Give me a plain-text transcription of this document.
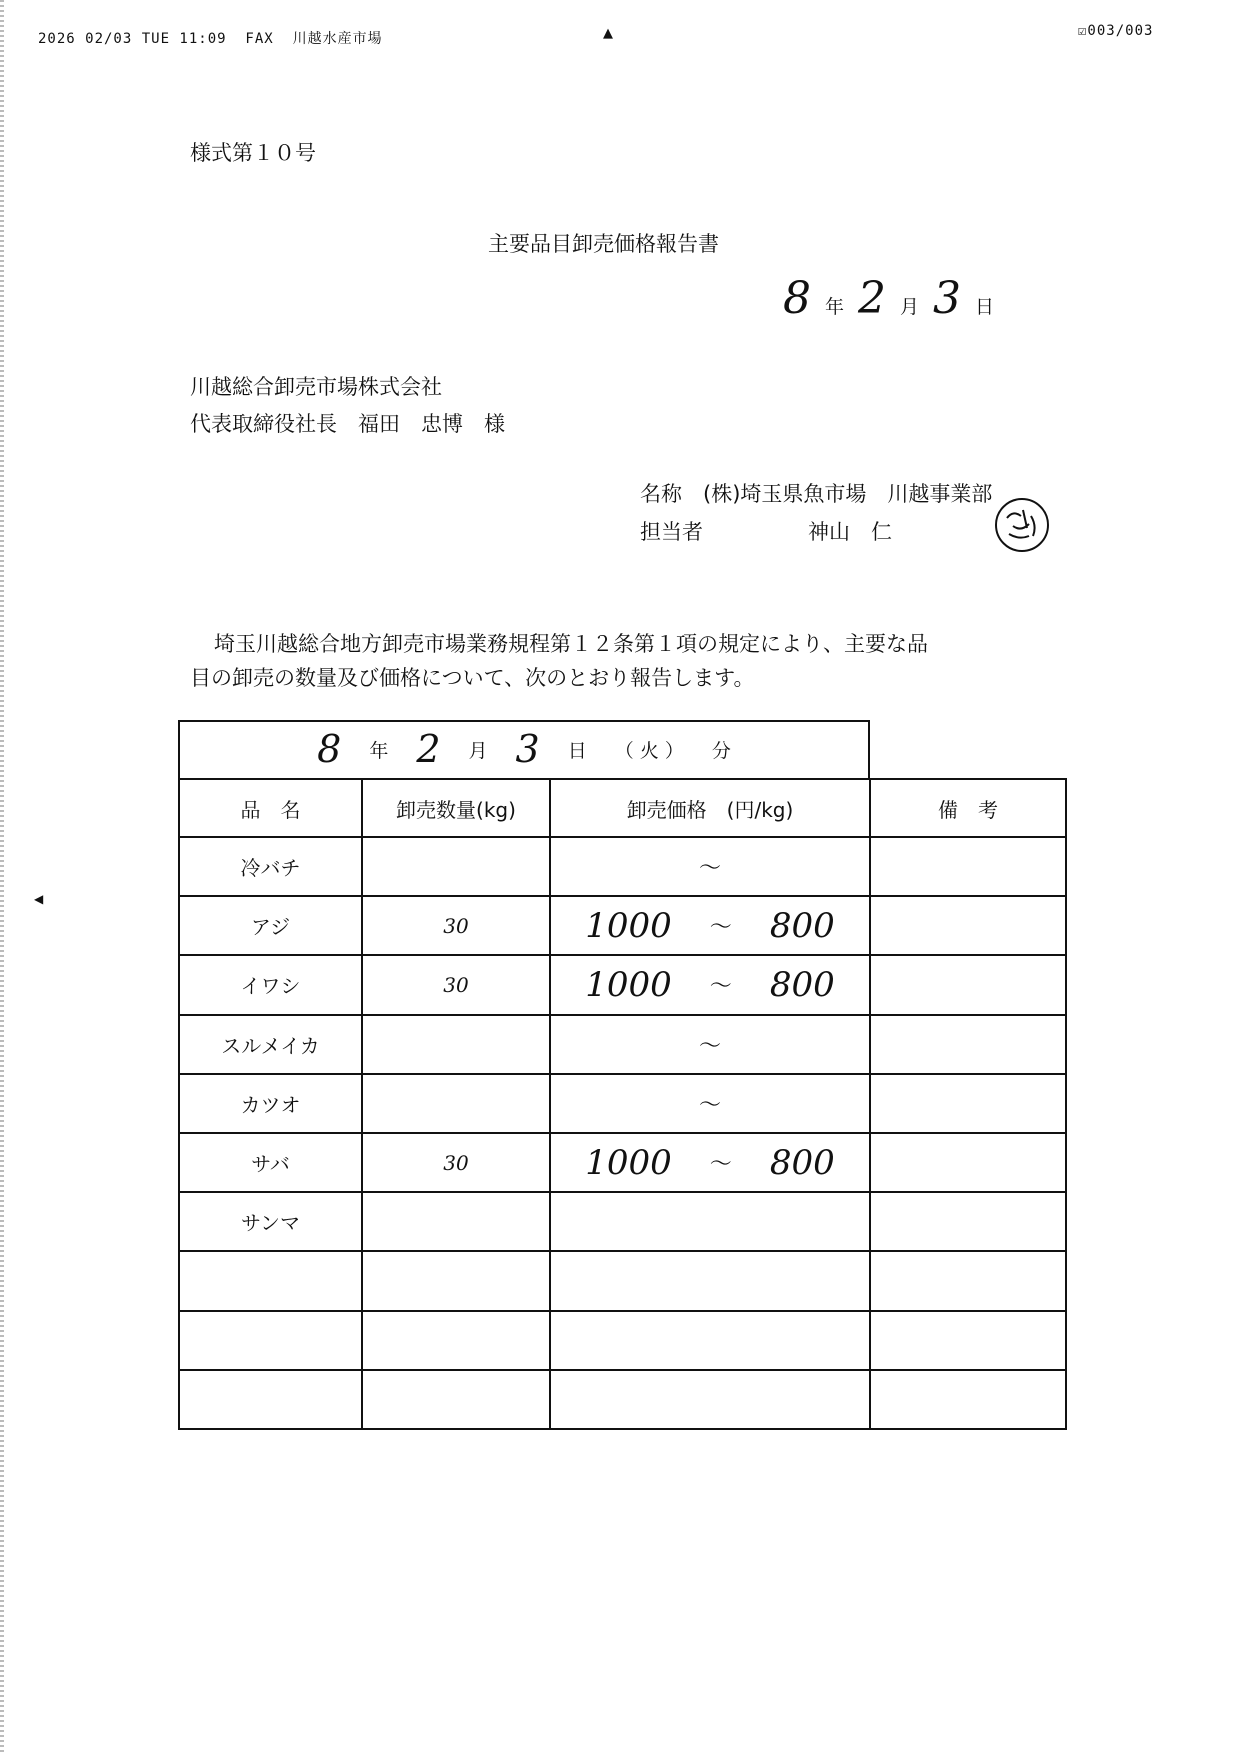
2026 02/03 TUE 11:09  FAX  川越水産市場	▲	☑003/003
◀
様式第１０号
主要品目卸売価格報告書
8 年 2 月 3 日
川越総合卸売市場株式会社
代表取締役社長　福田　忠博　様
名称　(株)埼玉県魚市場　川越事業部
担当者　　　　　神山　仁
埼玉川越総合地方卸売市場業務規程第１２条第１項の規定により、主要な品
目の卸売の数量及び価格について、次のとおり報告します。
8 年 2 月 3 日 （ 火 ） 分
品　名	卸売数量(kg)	卸売価格　(円/kg)	備　考
冷バチ		～	

アジ	30	1000 ～ 800	

イワシ	30	1000 ～ 800	

スルメイカ		～	

カツオ		～	

サバ	30	1000 ～ 800	

サンマ		
